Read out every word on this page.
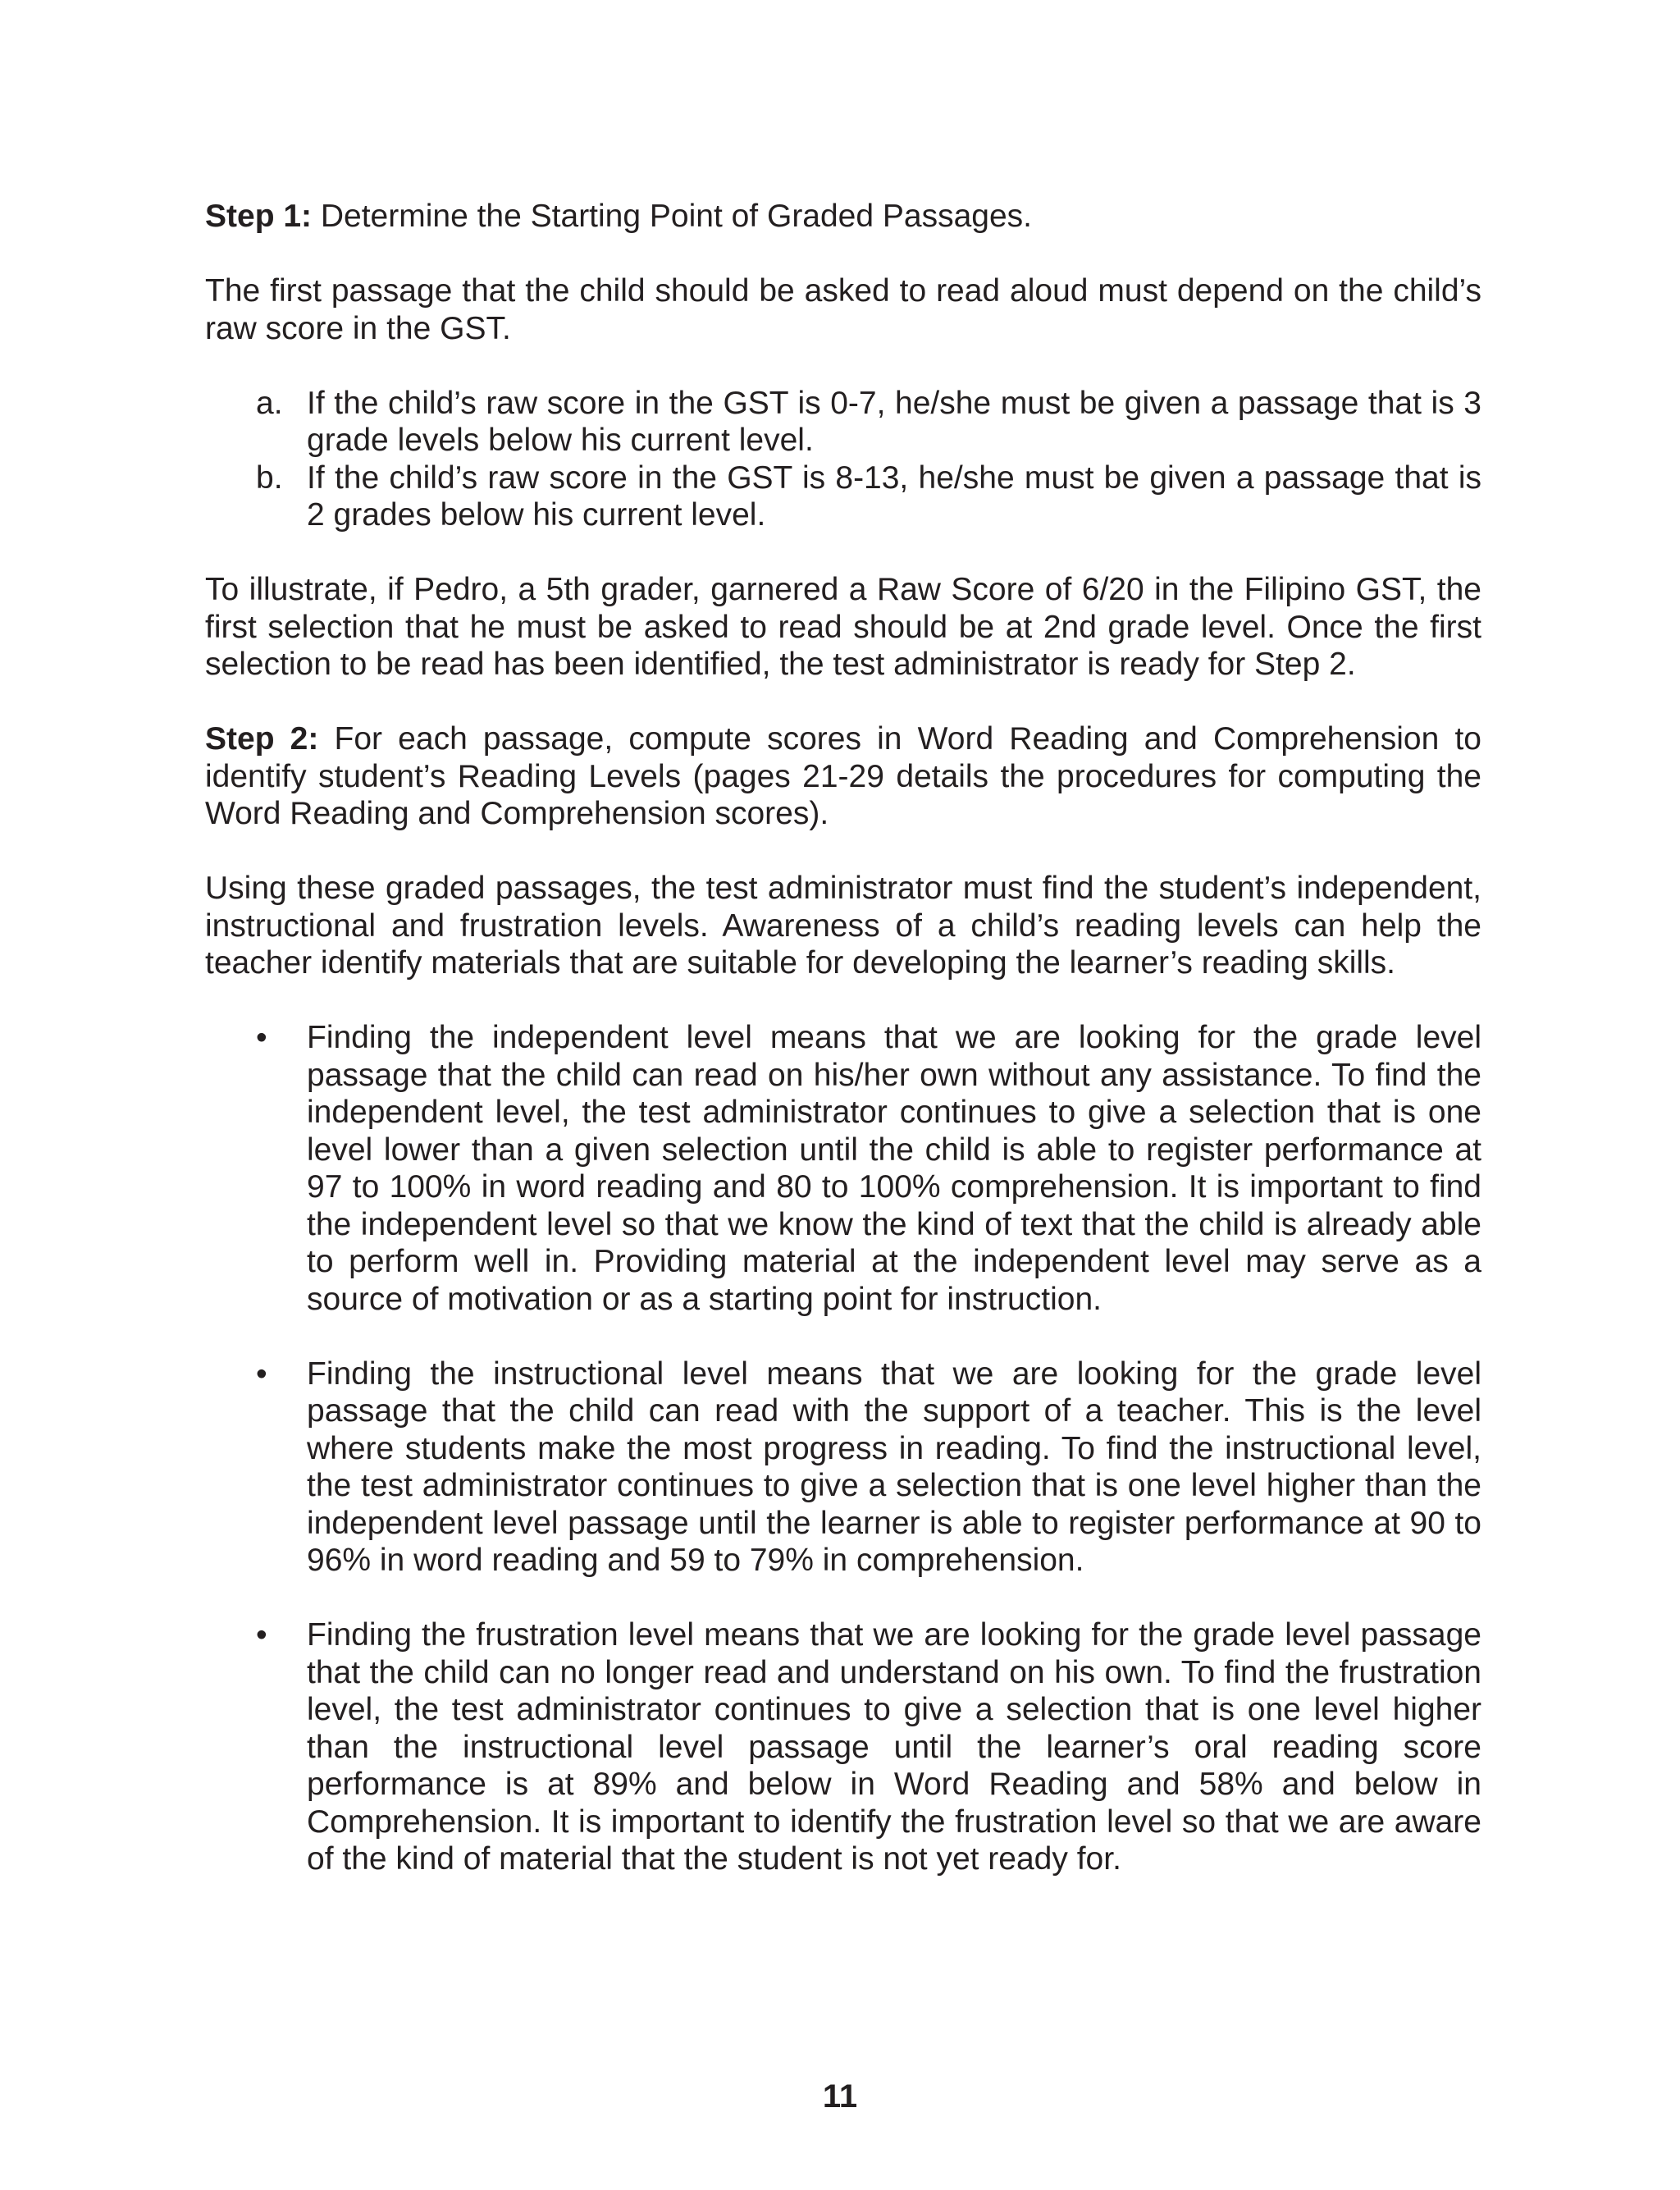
Step 1: Determine the Starting Point of Graded Passages.

The first passage that the child should be asked to read aloud must depend on the child’s raw score in the GST.

a. If the child’s raw score in the GST is 0-7, he/she must be given a passage that is 3 grade levels below his current level.
b. If the child’s raw score in the GST is 8-13, he/she must be given a passage that is 2 grades below his current level.

To illustrate, if Pedro, a 5th grader, garnered a Raw Score of 6/20 in the Filipino GST, the first selection that he must be asked to read should be at 2nd grade level. Once the first selection to be read has been identified, the test administrator is ready for Step 2.

Step 2: For each passage, compute scores in Word Reading and Comprehension to identify student’s Reading Levels (pages 21-29 details the procedures for computing the Word Reading and Comprehension scores).

Using these graded passages, the test administrator must find the student’s independent, instructional and frustration levels. Awareness of a child’s reading levels can help the teacher identify materials that are suitable for developing the learner’s reading skills.

• Finding the independent level means that we are looking for the grade level passage that the child can read on his/her own without any assistance. To find the independent level, the test administrator continues to give a selection that is one level lower than a given selection until the child is able to register performance at 97 to 100% in word reading and 80 to 100% comprehension. It is important to find the independent level so that we know the kind of text that the child is already able to perform well in. Providing material at the independent level may serve as a source of motivation or as a starting point for instruction.
• Finding the instructional level means that we are looking for the grade level passage that the child can read with the support of a teacher. This is the level where students make the most progress in reading. To find the instructional level, the test administrator continues to give a selection that is one level higher than the independent level passage until the learner is able to register performance at 90 to 96% in word reading and 59 to 79% in comprehension.
• Finding the frustration level means that we are looking for the grade level passage that the child can no longer read and understand on his own. To find the frustration level, the test administrator continues to give a selection that is one level higher than the instructional level passage until the learner’s oral reading score performance is at 89% and below in Word Reading and 58% and below in Comprehension. It is important to identify the frustration level so that we are aware of the kind of material that the student is not yet ready for.
11
